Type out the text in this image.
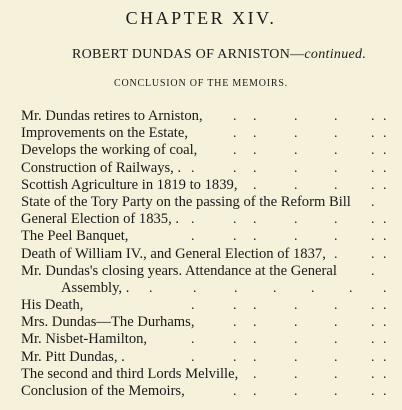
CHAPTER XIV.
ROBERT DUNDAS OF ARNISTON—continued.
CONCLUSION OF THE MEMOIRS.
Mr. Dundas retires to Arniston, . .	.	. . .
Improvements on the Estate,	. .	.	. . .
Develops the working of coal,	. .	.	. . .
Construction of Railways, . .	. .	.	. . .
Scottish Agriculture in 1819 to 1839, .	.	. . .
State of the Tory Party on the passing of the Reform Bill .
General Election of 1835, . .	. .	.	. . .
The Peel Banquet,	.	. .	.	. . .
Death of William IV., and General Election of 1837, . . .
Mr. Dundas's closing years. Attendance at the General .
Assembly, . .	.	.	. . . .
His Death,	.	. .	.	. . .
Mrs. Dundas—The Durhams,	. .	.	. . .
Mr. Nisbet-Hamilton,	.	. .	.	. . .
Mr. Pitt Dundas, .	.	. .	.	. . .
The second and third Lords Melville, .	.	. . .
Conclusion of the Memoirs,	. .	.	. . .
